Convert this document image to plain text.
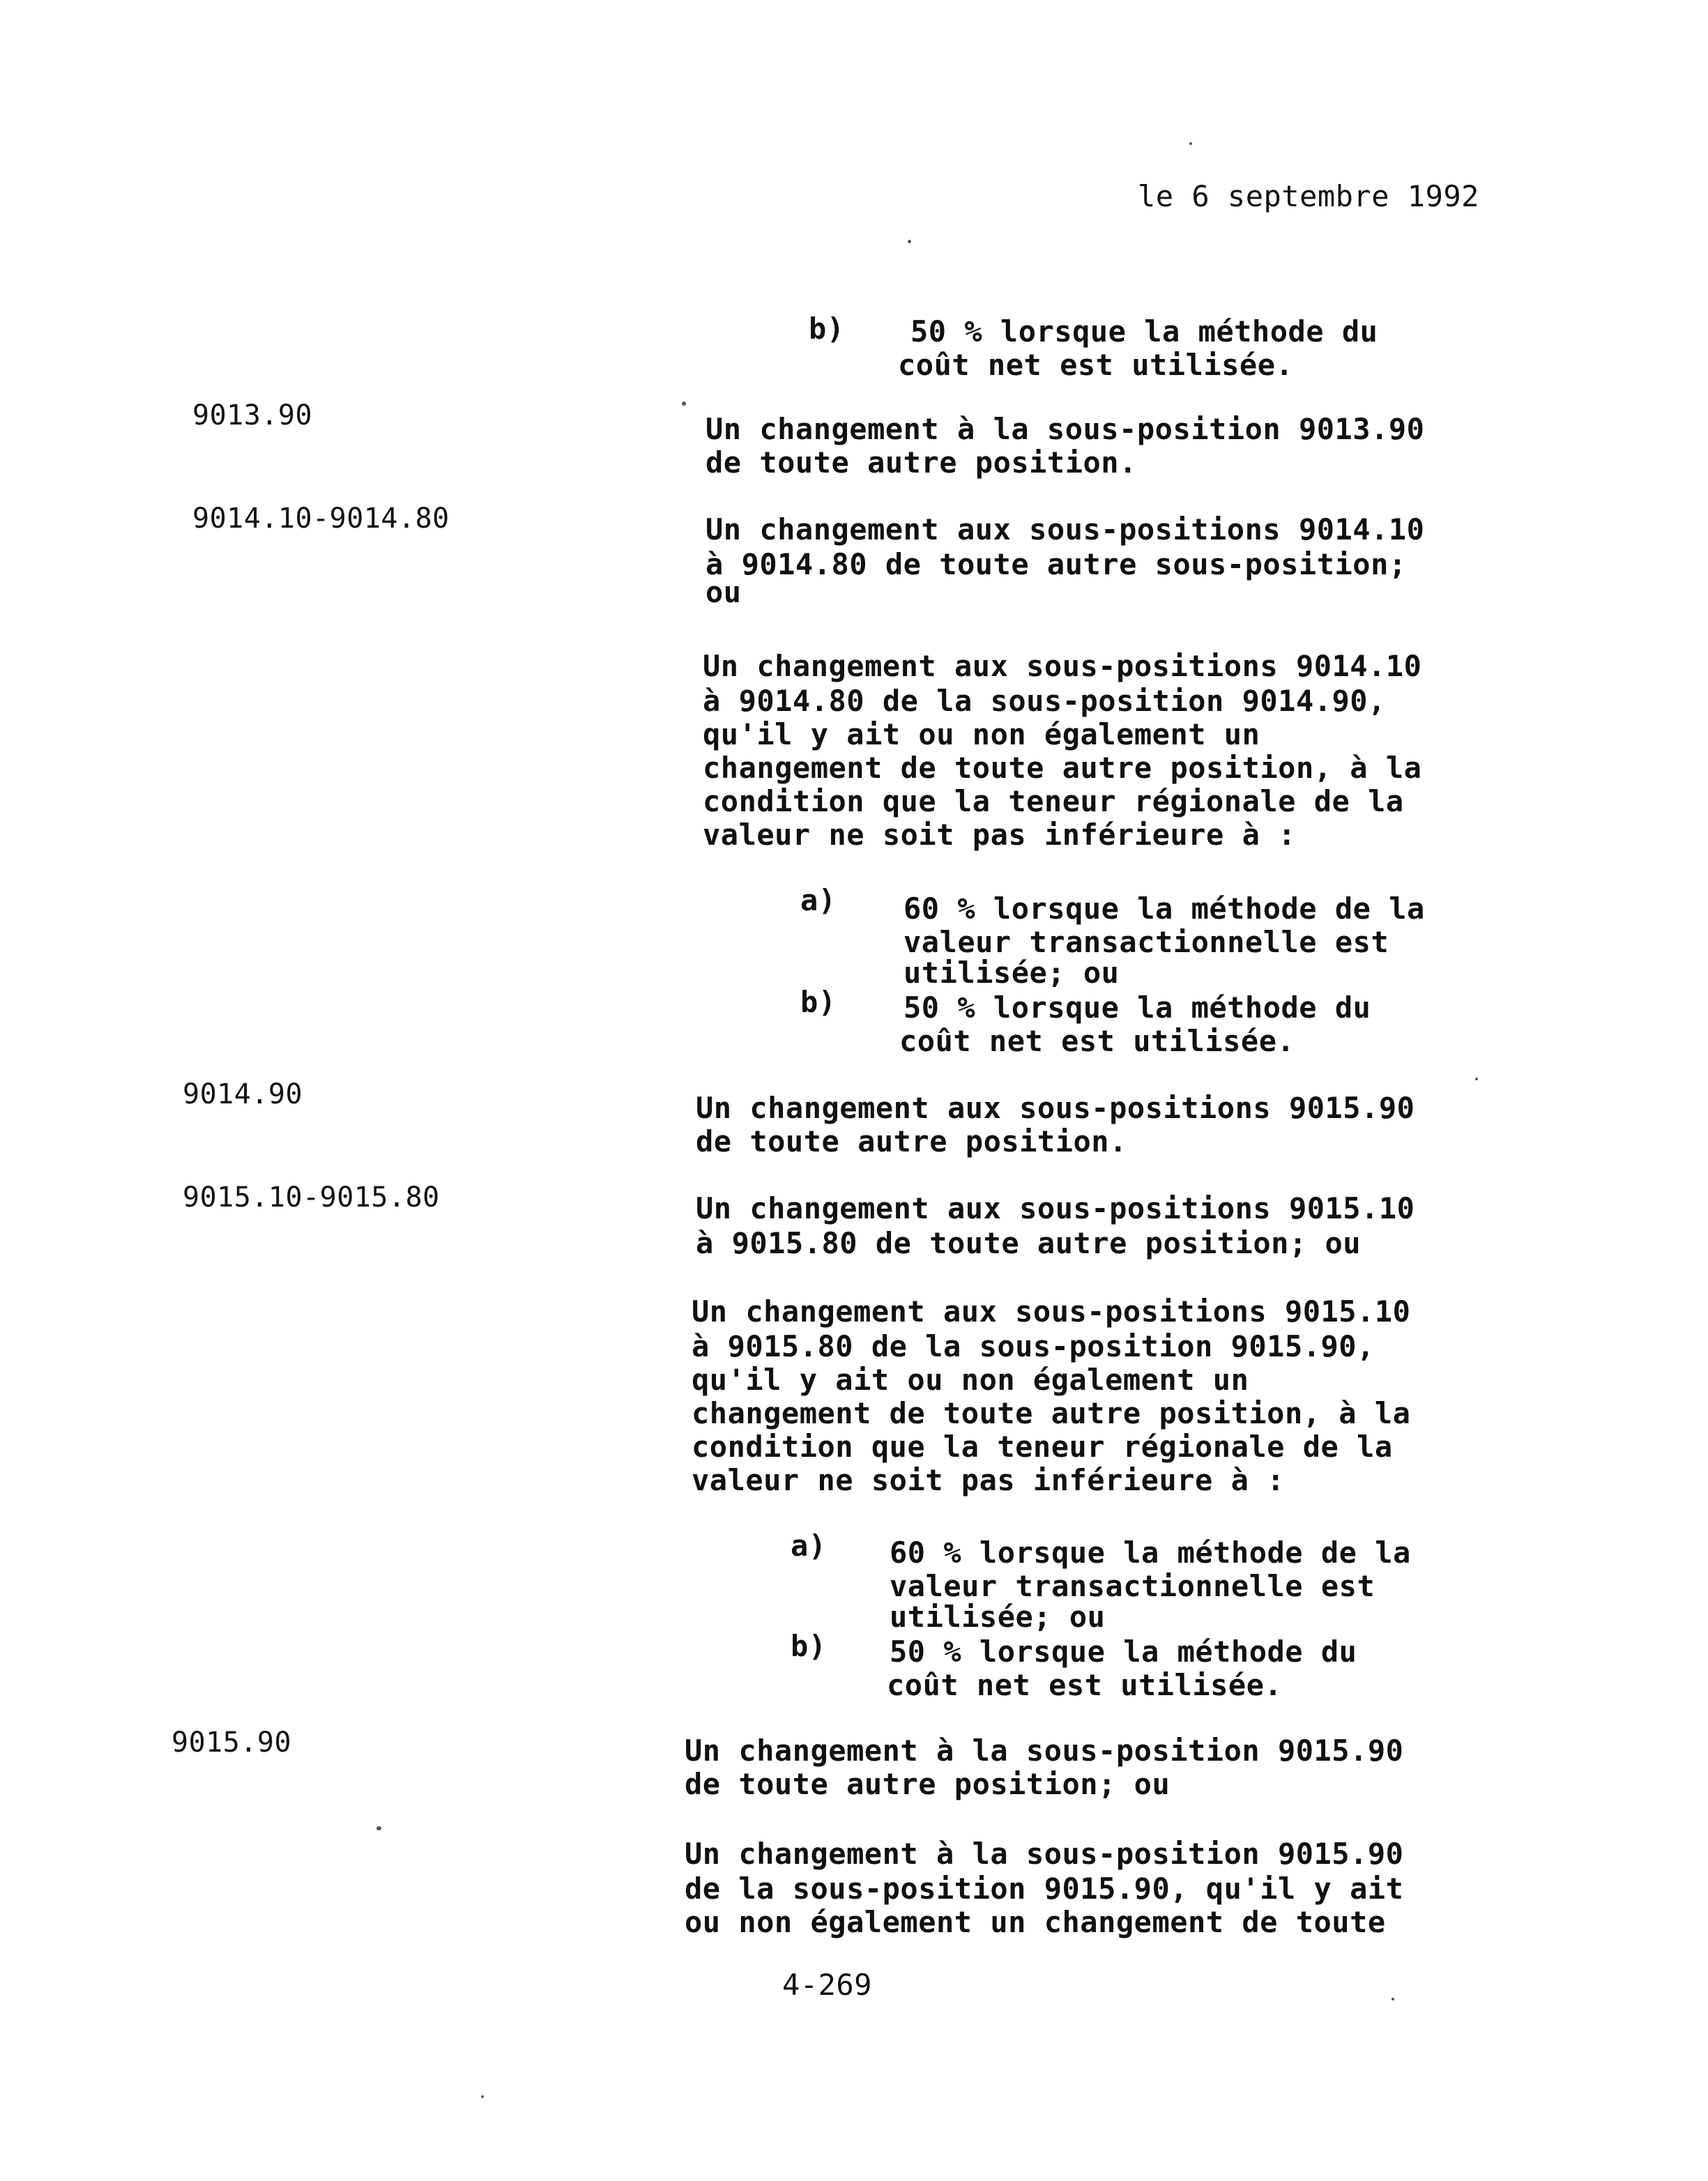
le 6 septembre 1992
b) 50 % lorsque la méthode du
coût net est utilisée.
9013.90	Un changement à la sous-position 9013.90
de toute autre position.
9014.10-9014.80	Un changement aux sous-positions 9014.10
à 9014.80 de toute autre sous-position;
ou
Un changement aux sous-positions 9014.10
à 9014.80 de la sous-position 9014.90,
qu'il y ait ou non également un
changement de toute autre position, à la
condition que la teneur régionale de la
valeur ne soit pas inférieure à :
a) 60 % lorsque la méthode de la
valeur transactionnelle est
utilisée; ou
b) 50 % lorsque la méthode du
coût net est utilisée.
9014.90	Un changement aux sous-positions 9015.90
de toute autre position.
9015.10-9015.80	Un changement aux sous-positions 9015.10
à 9015.80 de toute autre position; ou
Un changement aux sous-positions 9015.10
à 9015.80 de la sous-position 9015.90,
qu'il y ait ou non également un
changement de toute autre position, à la
condition que la teneur régionale de la
valeur ne soit pas inférieure à :
a) 60 % lorsque la méthode de la
valeur transactionnelle est
utilisée; ou
b) 50 % lorsque la méthode du
coût net est utilisée.
9015.90	Un changement à la sous-position 9015.90
de toute autre position; ou
Un changement à la sous-position 9015.90
de la sous-position 9015.90, qu'il y ait
ou non également un changement de toute
4-269
